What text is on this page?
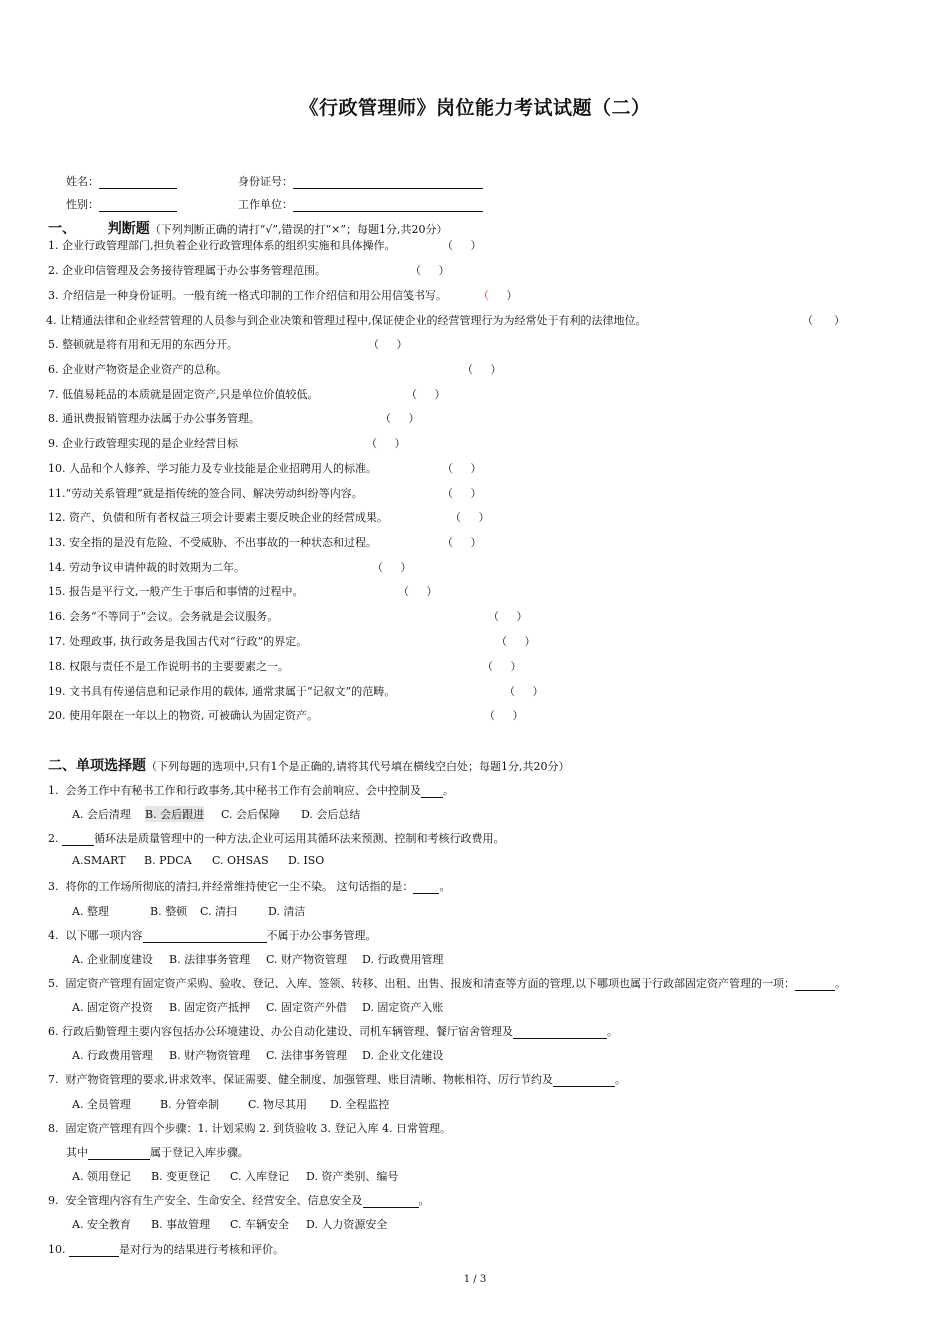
《行政管理师》岗位能力考试试题（二）
姓名：	身份证号：
性别：	工作单位：
一、 判断题（下列判断正确的请打“√”,错误的打“×”；每题1分,共20分）
1. 企业行政管理部门,担负着企业行政管理体系的组织实施和具体操作。	（     ）
2. 企业印信管理及会务接待管理属于办公事务管理范围。	（     ）
3. 介绍信是一种身份证明。一般有统一格式印制的工作介绍信和用公用信笺书写。	（     ）
4. 让精通法律和企业经营管理的人员参与到企业决策和管理过程中,保证使企业的经营管理行为为经常处于有利的法律地位。	（      ）
5. 整顿就是将有用和无用的东西分开。	（     ）
6. 企业财产物资是企业资产的总称。	（     ）
7. 低值易耗品的本质就是固定资产,只是单位价值较低。	（     ）
8. 通讯费报销管理办法属于办公事务管理。	（     ）
9. 企业行政管理实现的是企业经营目标	（     ）
10. 人品和个人修养、学习能力及专业技能是企业招聘用人的标准。	（     ）
11.“劳动关系管理”就是指传统的签合同、解决劳动纠纷等内容。	（     ）
12. 资产、负债和所有者权益三项会计要素主要反映企业的经营成果。	（     ）
13. 安全指的是没有危险、不受威胁、不出事故的一种状态和过程。	（     ）
14. 劳动争议申请仲裁的时效期为二年。	（     ）
15. 报告是平行文,一般产生于事后和事情的过程中。	（     ）
16. 会务“不等同于”会议。会务就是会议服务。	（     ）
17. 处理政事, 执行政务是我国古代对“行政”的界定。	（     ）
18. 权限与责任不是工作说明书的主要要素之一。	（     ）
19. 文书具有传递信息和记录作用的载体, 通常隶属于“记叙文”的范畴。	（     ）
20. 使用年限在一年以上的物资, 可被确认为固定资产。	（     ）
二、单项选择题（下列每题的选项中,只有1个是正确的,请将其代号填在横线空白处；每题1分,共20分）
1.  会务工作中有秘书工作和行政事务,其中秘书工作有会前响应、会中控制及 。
A. 会后清理 B. 会后跟进 C. 会后保障 D. 会后总结
2.	循环法是质量管理中的一种方法,企业可运用其循环法来预测、控制和考核行政费用。
A.SMART B. PDCA C. OHSAS D. ISO
3.  将你的工作场所彻底的清扫,并经常维持使它一尘不染。 这句话指的是： 。
A. 整理	B. 整顿 C. 清扫	D. 清洁
4.  以下哪一项内容	不属于办公事务管理。
A. 企业制度建设 B. 法律事务管理 C. 财产物资管理 D. 行政费用管理
5.  固定资产管理有固定资产采购、验收、登记、入库、签领、转移、出租、出售、报废和清查等方面的管理,以下哪项也属于行政部固定资产管理的一项：	。
A. 固定资产投资 B. 固定资产抵押 C. 固定资产外借 D. 固定资产入账
6. 行政后勤管理主要内容包括办公环境建设、办公自动化建设、司机车辆管理、餐厅宿舍管理及	。
A. 行政费用管理 B. 财产物资管理 C. 法律事务管理 D. 企业文化建设
7.  财产物资管理的要求,讲求效率、保证需要、健全制度、加强管理、账目清晰、物帐相符、厉行节约及	。
A. 全员管理	B. 分管牵制	C. 物尽其用 D. 全程监控
8.  固定资产管理有四个步骤：1. 计划采购 2. 到货验收 3. 登记入库 4. 日常管理。
其中	属于登记入库步骤。
A. 领用登记 B. 变更登记 C. 入库登记 D. 资产类别、编号
9.  安全管理内容有生产安全、生命安全、经营安全、信息安全及	。
A. 安全教育 B. 事故管理 C. 车辆安全 D. 人力资源安全
10.	是对行为的结果进行考核和评价。
1 / 3
